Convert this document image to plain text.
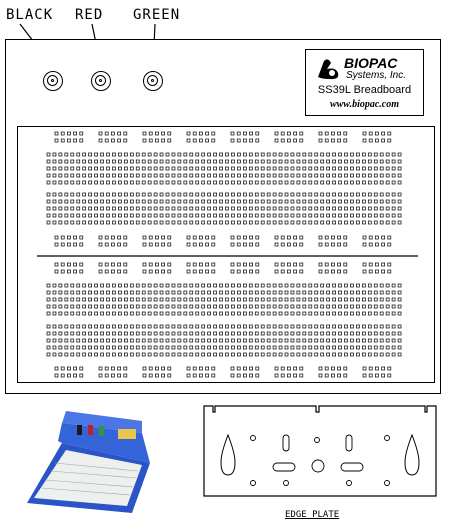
BLACK RED GREEN
BIOPAC
Systems, Inc.
SS39L Breadboard
www.biopac.com
EDGE PLATE
